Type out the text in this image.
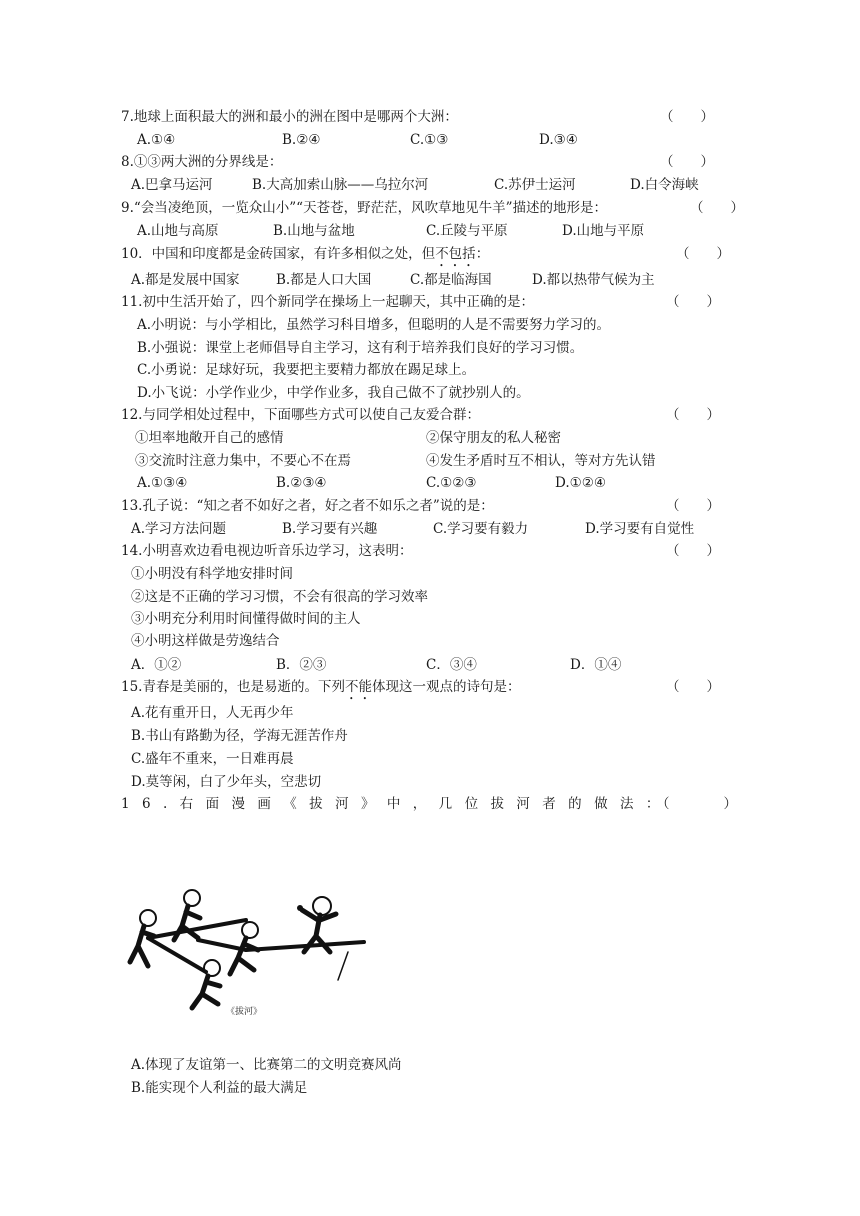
7.地球上面积最大的洲和最小的洲在图中是哪两个大洲：	（　　）
A.①④	B.②④	C.①③	D.③④
8.①③两大洲的分界线是：	（　　）
A.巴拿马运河	B.大高加索山脉——乌拉尔河	C.苏伊士运河	D.白令海峡
9.“会当凌绝顶，一览众山小”“天苍苍，野茫茫，风吹草地见牛羊”描述的地形是：	（　　）
A.山地与高原	B.山地与盆地	C.丘陵与平原	D.山地与平原
10．中国和印度都是金砖国家，有许多相似之处，但不包括：	（　　）
A.都是发展中国家	B.都是人口大国	C.都是临海国	D.都以热带气候为主
11.初中生活开始了，四个新同学在操场上一起聊天，其中正确的是：	（　　）
A.小明说：与小学相比，虽然学习科目增多，但聪明的人是不需要努力学习的。
B.小强说：课堂上老师倡导自主学习，这有利于培养我们良好的学习习惯。
C.小勇说：足球好玩，我要把主要精力都放在踢足球上。
D.小飞说：小学作业少，中学作业多，我自己做不了就抄别人的。
12.与同学相处过程中，下面哪些方式可以使自己友爱合群：	（　　）
①坦率地敞开自己的感情	②保守朋友的私人秘密
③交流时注意力集中，不要心不在焉	④发生矛盾时互不相认，等对方先认错
A.①③④	B.②③④	C.①②③	D.①②④
13.孔子说：“知之者不如好之者，好之者不如乐之者”说的是：	（　　）
A.学习方法问题	B.学习要有兴趣	C.学习要有毅力	D.学习要有自觉性
14.小明喜欢边看电视边听音乐边学习，这表明：	（　　）
①小明没有科学地安排时间
②这是不正确的学习习惯，不会有很高的学习效率
③小明充分利用时间懂得做时间的主人
④小明这样做是劳逸结合
A．①②	B．②③	C．③④	D．①④
15.青春是美丽的，也是易逝的。下列不能体现这一观点的诗句是：	（　　）
A.花有重开日，人无再少年
B.书山有路勤为径，学海无涯苦作舟
C.盛年不重来，一日难再晨
D.莫等闲，白了少年头，空悲切
16.右面漫画《拔河》中，几位拔河者的做法：
（　　　　）
《拔河》
A.体现了友谊第一、比赛第二的文明竞赛风尚
B.能实现个人利益的最大满足
